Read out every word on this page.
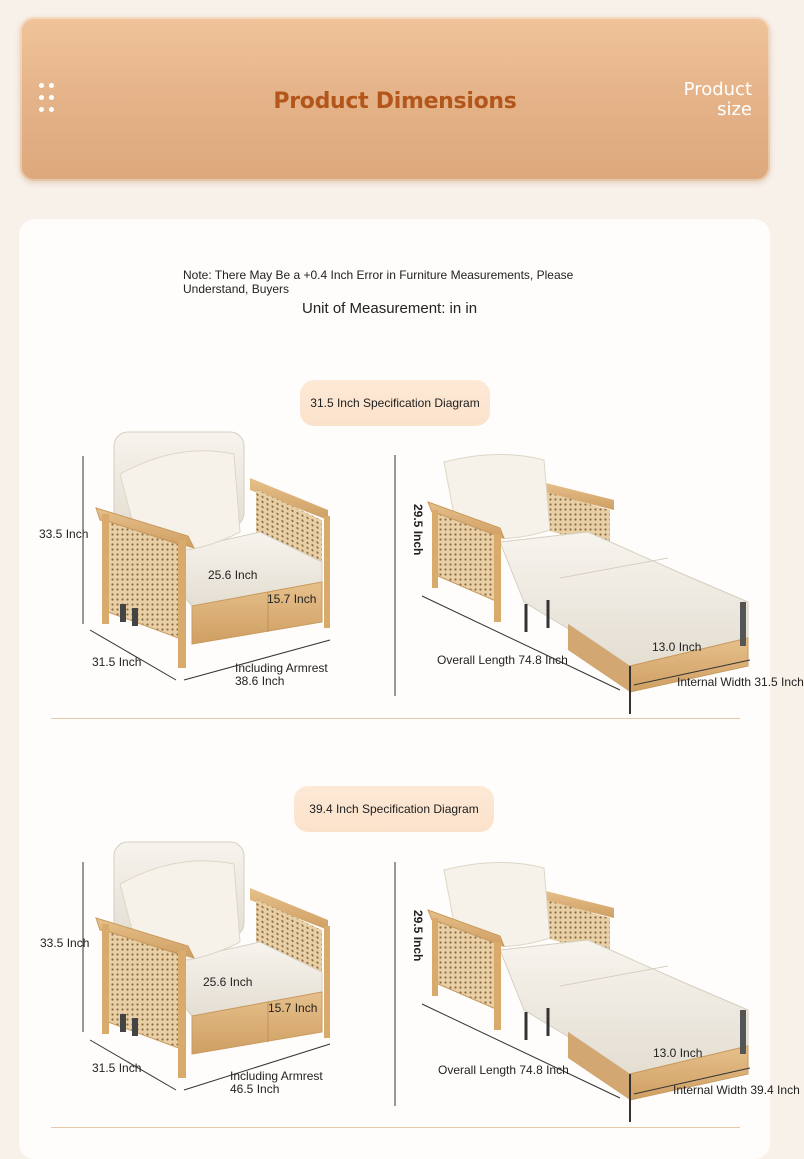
Product Dimensions	Product
size
Note: There May Be a +0.4 Inch Error in Furniture Measurements, Please Understand, Buyers
Unit of Measurement: in in
31.5 Inch Specification Diagram
33.5 Inch
25.6 Inch
15.7 Inch
31.5 Inch	Including Armrest
38.6 Inch
29.5 Inch
Overall Length 74.8 Inch
13.0 Inch
Internal Width 31.5 Inch
39.4 Inch Specification Diagram
33.5 Inch
25.6 Inch
15.7 Inch
31.5 Inch
Including Armrest
46.5 Inch
29.5 Inch
Overall Length 74.8 Inch
13.0 Inch
Internal Width 39.4 Inch
